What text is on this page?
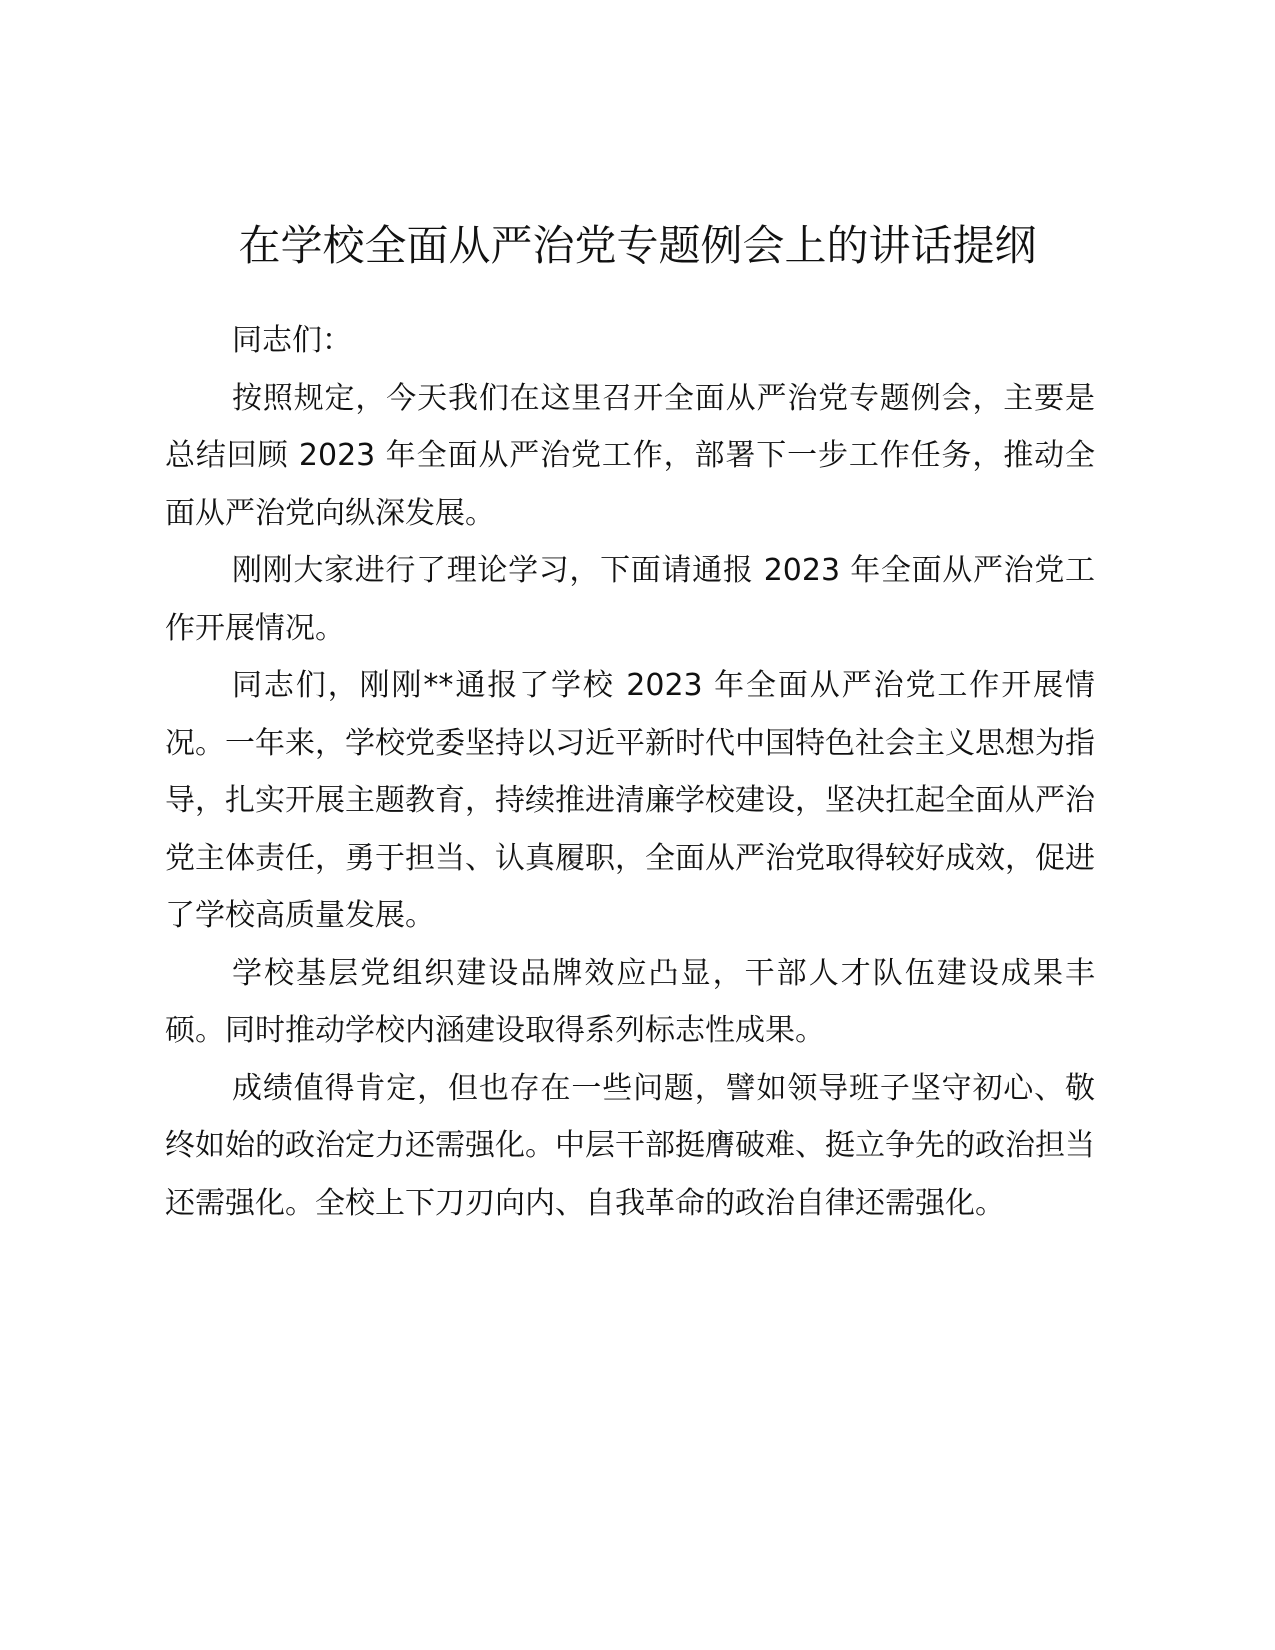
在学校全面从严治党专题例会上的讲话提纲

同志们：

按照规定，今天我们在这里召开全面从严治党专题例会，主要是总结回顾 2023 年全面从严治党工作，部署下一步工作任务，推动全面从严治党向纵深发展。

刚刚大家进行了理论学习，下面请通报 2023 年全面从严治党工作开展情况。

同志们，刚刚**通报了学校 2023 年全面从严治党工作开展情况。一年来，学校党委坚持以习近平新时代中国特色社会主义思想为指导，扎实开展主题教育，持续推进清廉学校建设，坚决扛起全面从严治党主体责任，勇于担当、认真履职，全面从严治党取得较好成效，促进了学校高质量发展。

学校基层党组织建设品牌效应凸显，干部人才队伍建设成果丰硕。同时推动学校内涵建设取得系列标志性成果。

成绩值得肯定，但也存在一些问题，譬如领导班子坚守初心、敬终如始的政治定力还需强化。中层干部挺膺破难、挺立争先的政治担当还需强化。全校上下刀刃向内、自我革命的政治自律还需强化。
